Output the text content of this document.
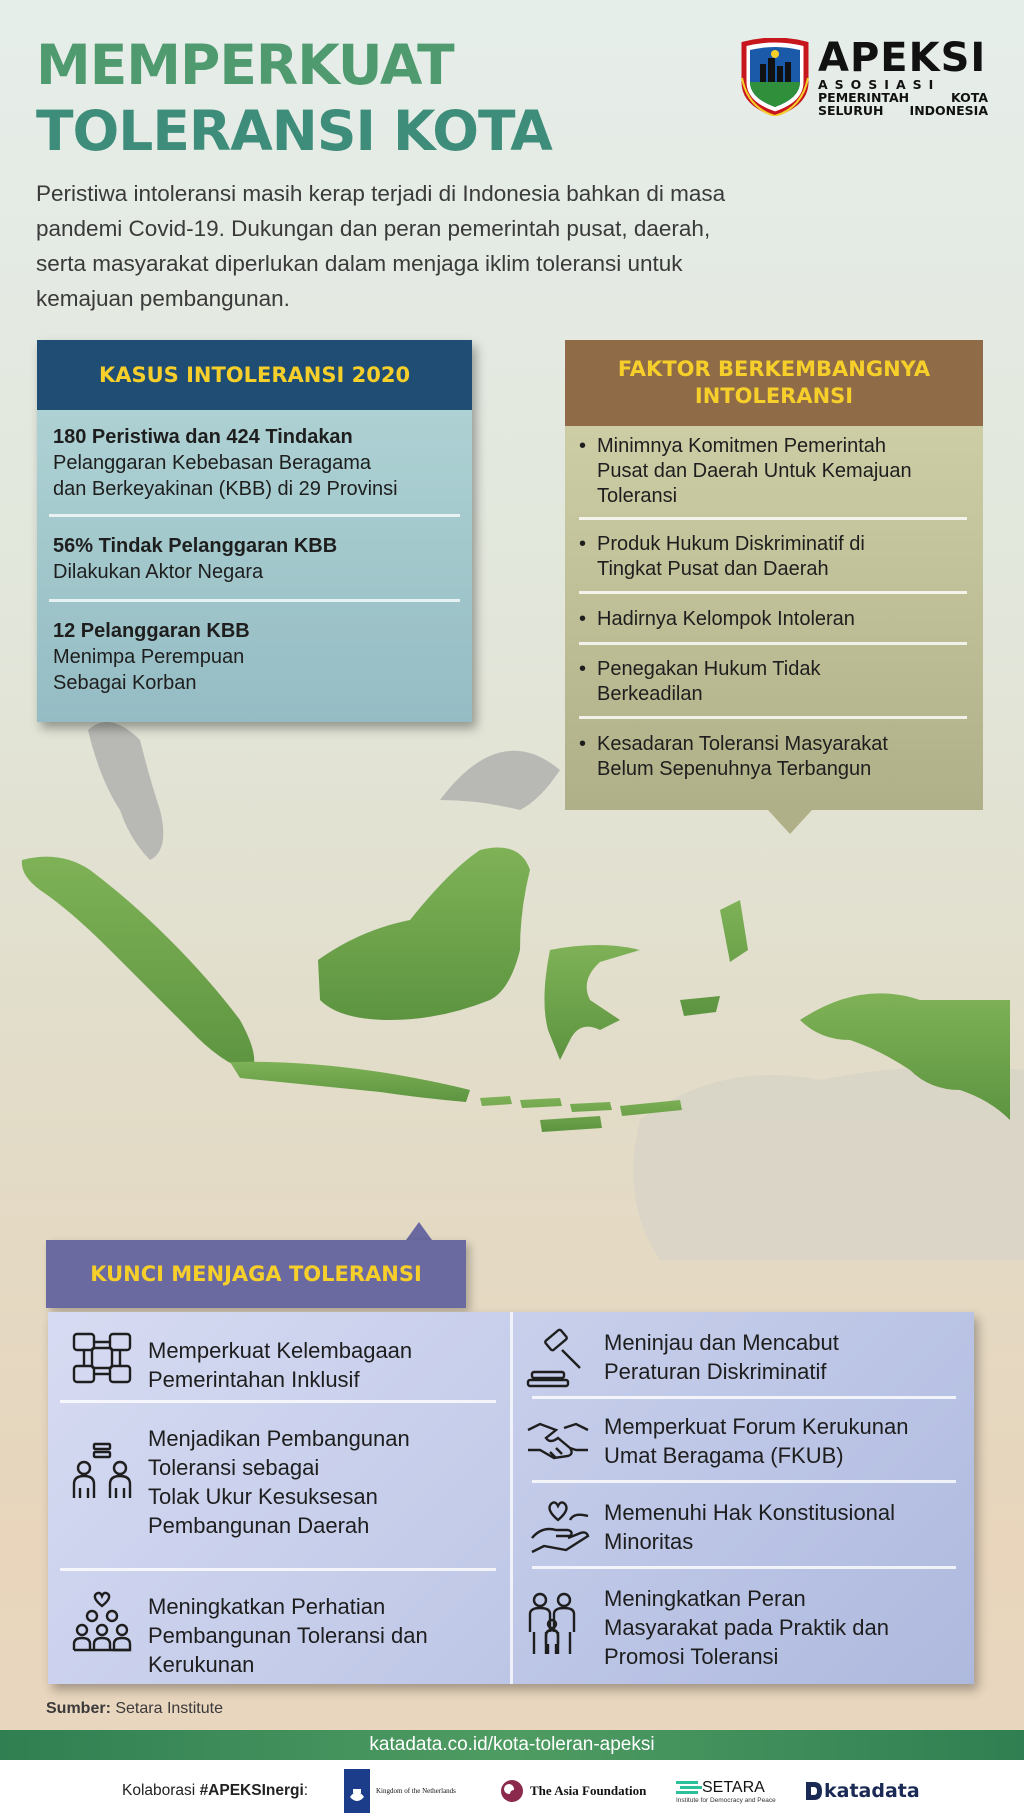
MEMPERKUAT
TOLERANSI KOTA
Peristiwa intoleransi masih kerap terjadi di Indonesia bahkan di masa pandemi Covid-19. Dukungan dan peran pemerintah pusat, daerah, serta masyarakat diperlukan dalam menjaga iklim toleransi untuk kemajuan pembangunan.
APEKSI
ASOSIASI
PEMERINTAH KOTA
SELURUH INDONESIA
KASUS INTOLERANSI 2020
180 Peristiwa dan 424 Tindakan
Pelanggaran Kebebasan Beragama
dan Berkeyakinan (KBB) di 29 Provinsi
56% Tindak Pelanggaran KBB
Dilakukan Aktor Negara
12 Pelanggaran KBB
Menimpa Perempuan
Sebagai Korban
FAKTOR BERKEMBANGNYA
INTOLERANSI
• Minimnya Komitmen Pemerintah
Pusat dan Daerah Untuk Kemajuan
Toleransi
• Produk Hukum Diskriminatif di
Tingkat Pusat dan Daerah
• Hadirnya Kelompok Intoleran
• Penegakan Hukum Tidak
Berkeadilan
• Kesadaran Toleransi Masyarakat
Belum Sepenuhnya Terbangun
KUNCI MENJAGA TOLERANSI
Memperkuat Kelembagaan
Pemerintahan Inklusif
Menjadikan Pembangunan
Toleransi sebagai
Tolak Ukur Kesuksesan
Pembangunan Daerah
Meningkatkan Perhatian
Pembangunan Toleransi dan
Kerukunan
Meninjau dan Mencabut
Peraturan Diskriminatif
Memperkuat Forum Kerukunan
Umat Beragama (FKUB)
Memenuhi Hak Konstitusional
Minoritas
Meningkatkan Peran
Masyarakat pada Praktik dan
Promosi Toleransi
Sumber: Setara Institute
katadata.co.id/kota-toleran-apeksi
Kolaborasi #APEKSInergi:	Kingdom of the Netherlands	The Asia Foundation	SETARA
Institute for Democracy and Peace	katadata
